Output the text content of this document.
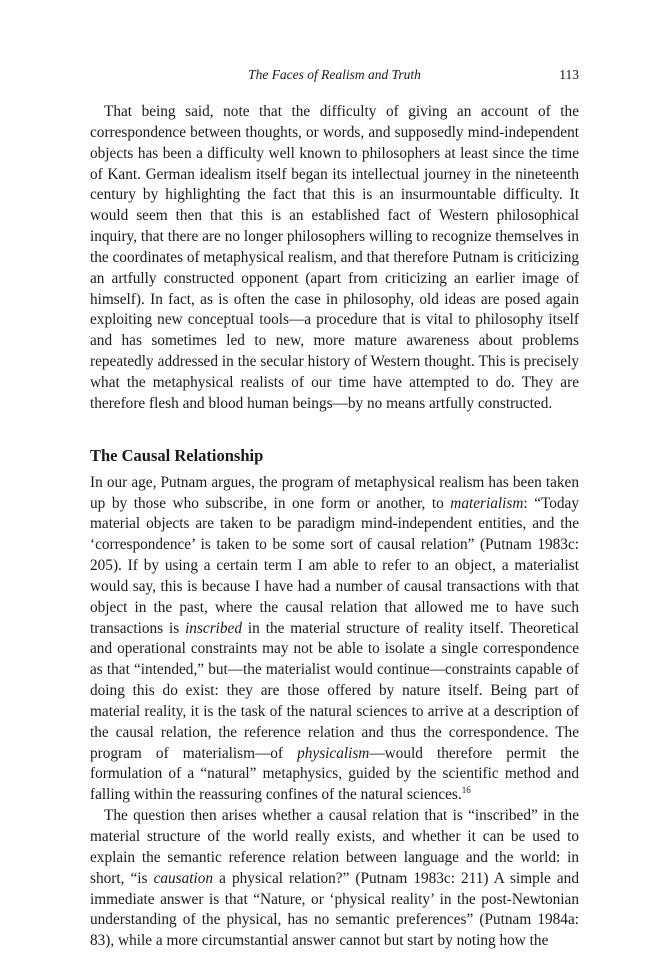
The Faces of Realism and Truth	113

That being said, note that the difficulty of giving an account of the correspondence between thoughts, or words, and supposedly mind-independent objects has been a difficulty well known to philosophers at least since the time of Kant. German idealism itself began its intellectual journey in the nineteenth century by highlighting the fact that this is an insurmountable difficulty. It would seem then that this is an established fact of Western philosophical inquiry, that there are no longer philosophers willing to recognize themselves in the coordinates of metaphysical realism, and that therefore Putnam is criticizing an artfully constructed opponent (apart from criticizing an earlier image of himself). In fact, as is often the case in philosophy, old ideas are posed again exploiting new conceptual tools—a procedure that is vital to philosophy itself and has sometimes led to new, more mature awareness about problems repeatedly addressed in the secular history of Western thought. This is precisely what the metaphysical realists of our time have attempted to do. They are therefore flesh and blood human beings—by no means artfully constructed.

The Causal Relationship

In our age, Putnam argues, the program of metaphysical realism has been taken up by those who subscribe, in one form or another, to materialism: “Today material objects are taken to be paradigm mind-independent entities, and the ‘correspondence’ is taken to be some sort of causal relation” (Putnam 1983c: 205). If by using a certain term I am able to refer to an object, a materialist would say, this is because I have had a number of causal transactions with that object in the past, where the causal relation that allowed me to have such transactions is inscribed in the material structure of reality itself. Theoretical and operational constraints may not be able to isolate a single correspondence as that “intended,” but—the materialist would continue—constraints capable of doing this do exist: they are those offered by nature itself. Being part of material reality, it is the task of the natural sciences to arrive at a description of the causal relation, the reference relation and thus the correspondence. The program of materialism—of physicalism—would therefore permit the formulation of a “natural” metaphysics, guided by the scientific method and falling within the reassuring confines of the natural sciences.$^{16}$

The question then arises whether a causal relation that is “inscribed” in the material structure of the world really exists, and whether it can be used to explain the semantic reference relation between language and the world: in short, “is causation a physical relation?” (Putnam 1983c: 211) A simple and immediate answer is that “Nature, or ‘physical reality’ in the post-Newtonian understanding of the physical, has no semantic preferences” (Putnam 1984a: 83), while a more circumstantial answer cannot but start by noting how the
